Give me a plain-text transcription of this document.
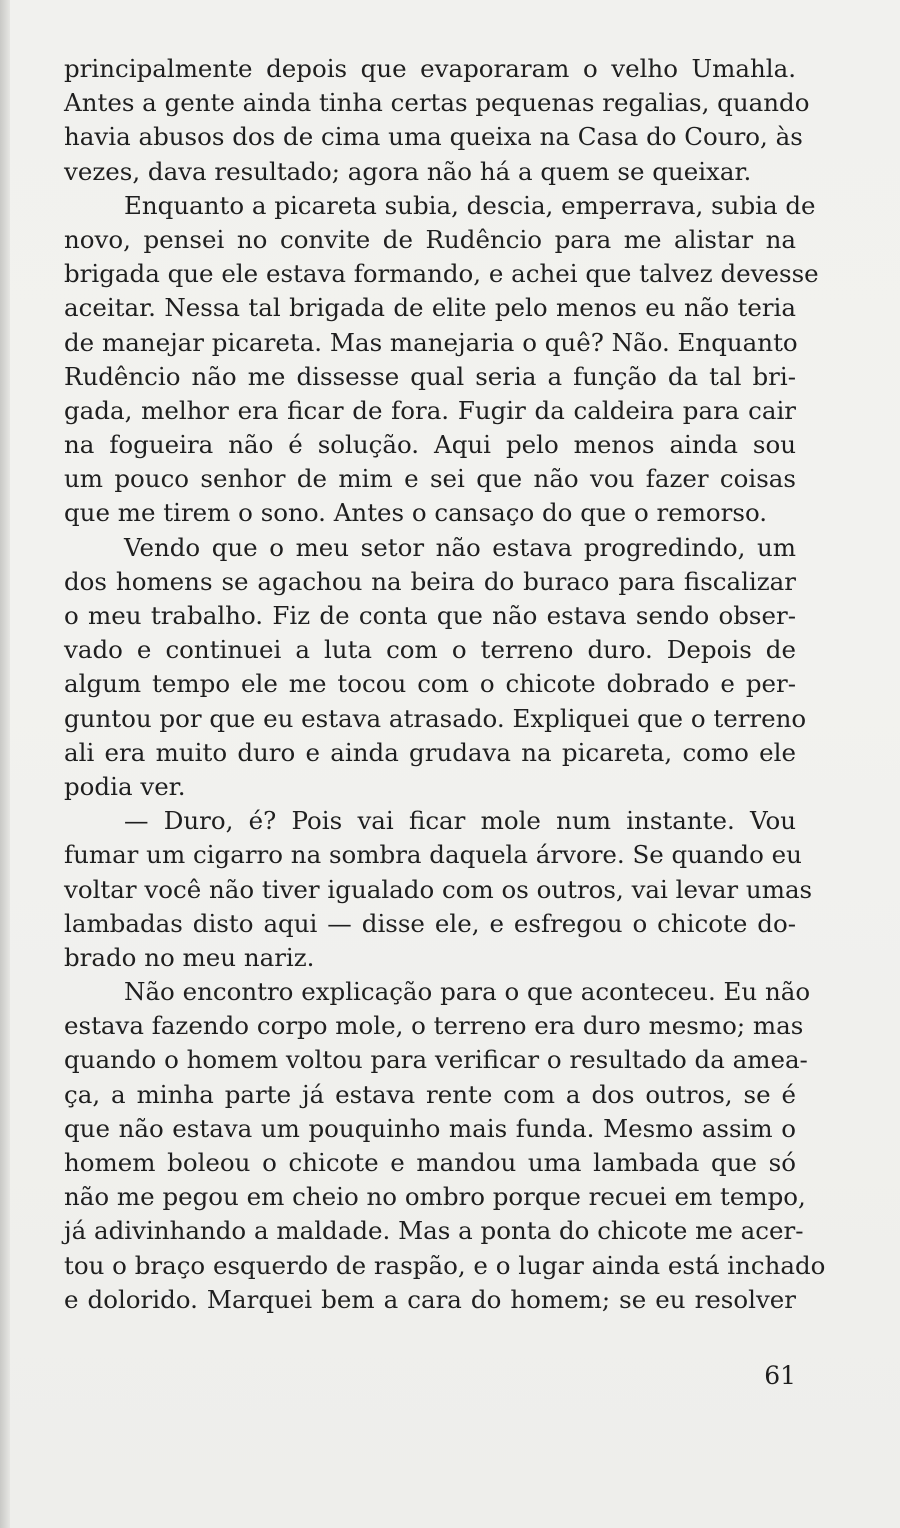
principalmente depois que evaporaram o velho Umahla.
Antes a gente ainda tinha certas pequenas regalias, quando
havia abusos dos de cima uma queixa na Casa do Couro, às
vezes, dava resultado; agora não há a quem se queixar.
Enquanto a picareta subia, descia, emperrava, subia de
novo, pensei no convite de Rudêncio para me alistar na
brigada que ele estava formando, e achei que talvez devesse
aceitar. Nessa tal brigada de elite pelo menos eu não teria
de manejar picareta. Mas manejaria o quê? Não. Enquanto
Rudêncio não me dissesse qual seria a função da tal bri-
gada, melhor era ficar de fora. Fugir da caldeira para cair
na fogueira não é solução. Aqui pelo menos ainda sou
um pouco senhor de mim e sei que não vou fazer coisas
que me tirem o sono. Antes o cansaço do que o remorso.
Vendo que o meu setor não estava progredindo, um
dos homens se agachou na beira do buraco para fiscalizar
o meu trabalho. Fiz de conta que não estava sendo obser-
vado e continuei a luta com o terreno duro. Depois de
algum tempo ele me tocou com o chicote dobrado e per-
guntou por que eu estava atrasado. Expliquei que o terreno
ali era muito duro e ainda grudava na picareta, como ele
podia ver.
— Duro, é? Pois vai ficar mole num instante. Vou
fumar um cigarro na sombra daquela árvore. Se quando eu
voltar você não tiver igualado com os outros, vai levar umas
lambadas disto aqui — disse ele, e esfregou o chicote do-
brado no meu nariz.
Não encontro explicação para o que aconteceu. Eu não
estava fazendo corpo mole, o terreno era duro mesmo; mas
quando o homem voltou para verificar o resultado da amea-
ça, a minha parte já estava rente com a dos outros, se é
que não estava um pouquinho mais funda. Mesmo assim o
homem boleou o chicote e mandou uma lambada que só
não me pegou em cheio no ombro porque recuei em tempo,
já adivinhando a maldade. Mas a ponta do chicote me acer-
tou o braço esquerdo de raspão, e o lugar ainda está inchado
e dolorido. Marquei bem a cara do homem; se eu resolver
61
